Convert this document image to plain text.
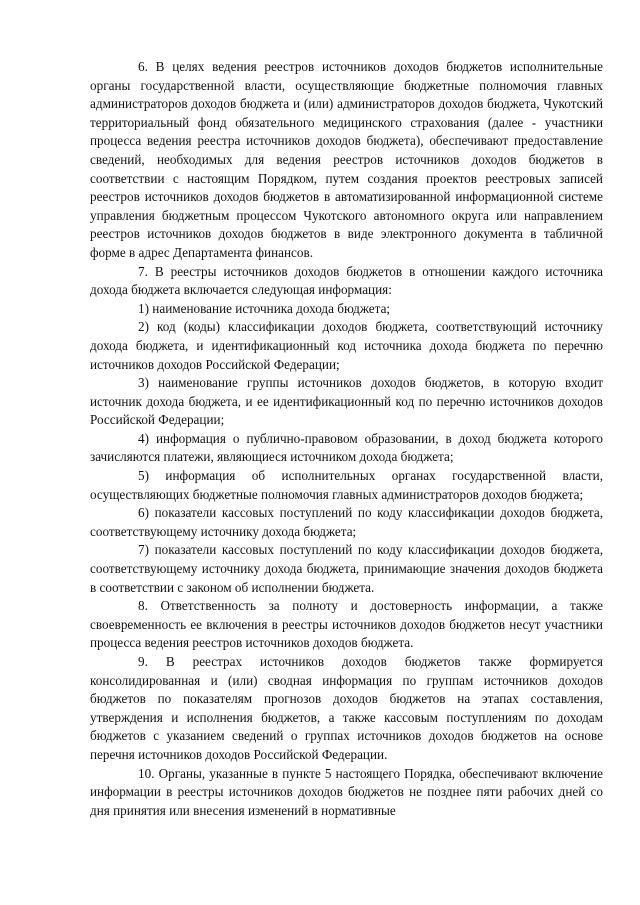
6. В целях ведения реестров источников доходов бюджетов исполнительные органы государственной власти, осуществляющие бюджетные полномочия главных администраторов доходов бюджета и (или) администраторов доходов бюджета, Чукотский территориальный фонд обязательного медицинского страхования (далее - участники процесса ведения реестра источников доходов бюджета), обеспечивают предоставление сведений, необходимых для ведения реестров источников доходов бюджетов в соответствии с настоящим Порядком, путем создания проектов реестровых записей реестров источников доходов бюджетов в автоматизированной информационной системе управления бюджетным процессом Чукотского автономного округа или направлением реестров источников доходов бюджетов в виде электронного документа в табличной форме в адрес Департамента финансов.

7. В реестры источников доходов бюджетов в отношении каждого источника дохода бюджета включается следующая информация:

1) наименование источника дохода бюджета;

2) код (коды) классификации доходов бюджета, соответствующий источнику дохода бюджета, и идентификационный код источника дохода бюджета по перечню источников доходов Российской Федерации;

3) наименование группы источников доходов бюджетов, в которую входит источник дохода бюджета, и ее идентификационный код по перечню источников доходов Российской Федерации;

4) информация о публично-правовом образовании, в доход бюджета которого зачисляются платежи, являющиеся источником дохода бюджета;

5) информация об исполнительных органах государственной власти, осуществляющих бюджетные полномочия главных администраторов доходов бюджета;

6) показатели кассовых поступлений по коду классификации доходов бюджета, соответствующему источнику дохода бюджета;

7) показатели кассовых поступлений по коду классификации доходов бюджета, соответствующему источнику дохода бюджета, принимающие значения доходов бюджета в соответствии с законом об исполнении бюджета.

8. Ответственность за полноту и достоверность информации, а также своевременность ее включения в реестры источников доходов бюджетов несут участники процесса ведения реестров источников доходов бюджета.

9. В реестрах источников доходов бюджетов также формируется консолидированная и (или) сводная информация по группам источников доходов бюджетов по показателям прогнозов доходов бюджетов на этапах составления, утверждения и исполнения бюджетов, а также кассовым поступлениям по доходам бюджетов с указанием сведений о группах источников доходов бюджетов на основе перечня источников доходов Российской Федерации.

10. Органы, указанные в пункте 5 настоящего Порядка, обеспечивают включение информации в реестры источников доходов бюджетов не позднее пяти рабочих дней со дня принятия или внесения изменений в нормативные
